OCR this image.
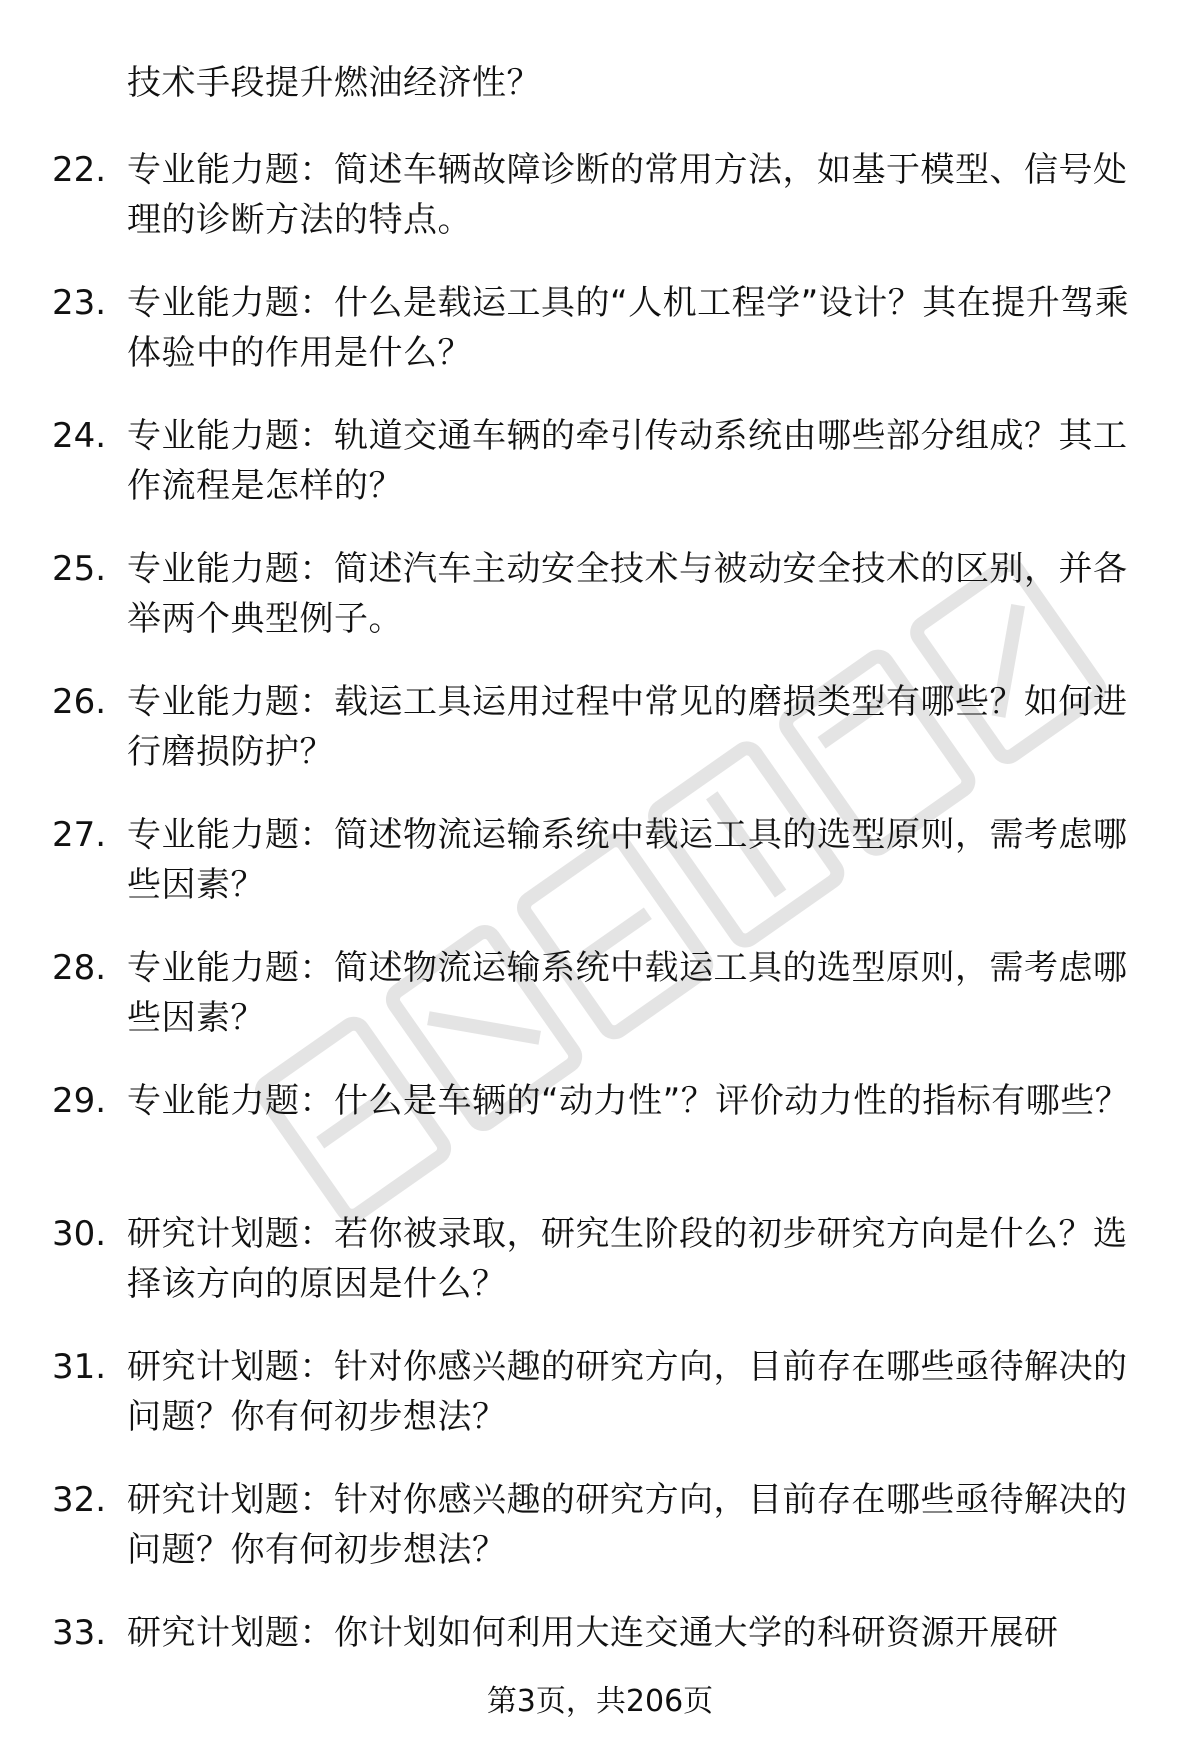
技术手段提升燃油经济性？
22. 专业能力题：简述车辆故障诊断的常用方法，如基于模型、信号处理的诊断方法的特点。
23. 专业能力题：什么是载运工具的“人机工程学”设计？其在提升驾乘体验中的作用是什么？
24. 专业能力题：轨道交通车辆的牵引传动系统由哪些部分组成？其工作流程是怎样的？
25. 专业能力题：简述汽车主动安全技术与被动安全技术的区别，并各举两个典型例子。
26. 专业能力题：载运工具运用过程中常见的磨损类型有哪些？如何进行磨损防护？
27. 专业能力题：简述物流运输系统中载运工具的选型原则，需考虑哪些因素？
28. 专业能力题：简述物流运输系统中载运工具的选型原则，需考虑哪些因素？
29. 专业能力题：什么是车辆的“动力性”？评价动力性的指标有哪些？
30. 研究计划题：若你被录取，研究生阶段的初步研究方向是什么？选择该方向的原因是什么？
31. 研究计划题：针对你感兴趣的研究方向，目前存在哪些亟待解决的问题？你有何初步想法？
32. 研究计划题：针对你感兴趣的研究方向，目前存在哪些亟待解决的问题？你有何初步想法？
33. 研究计划题：你计划如何利用大连交通大学的科研资源开展研
第3页，共206页
